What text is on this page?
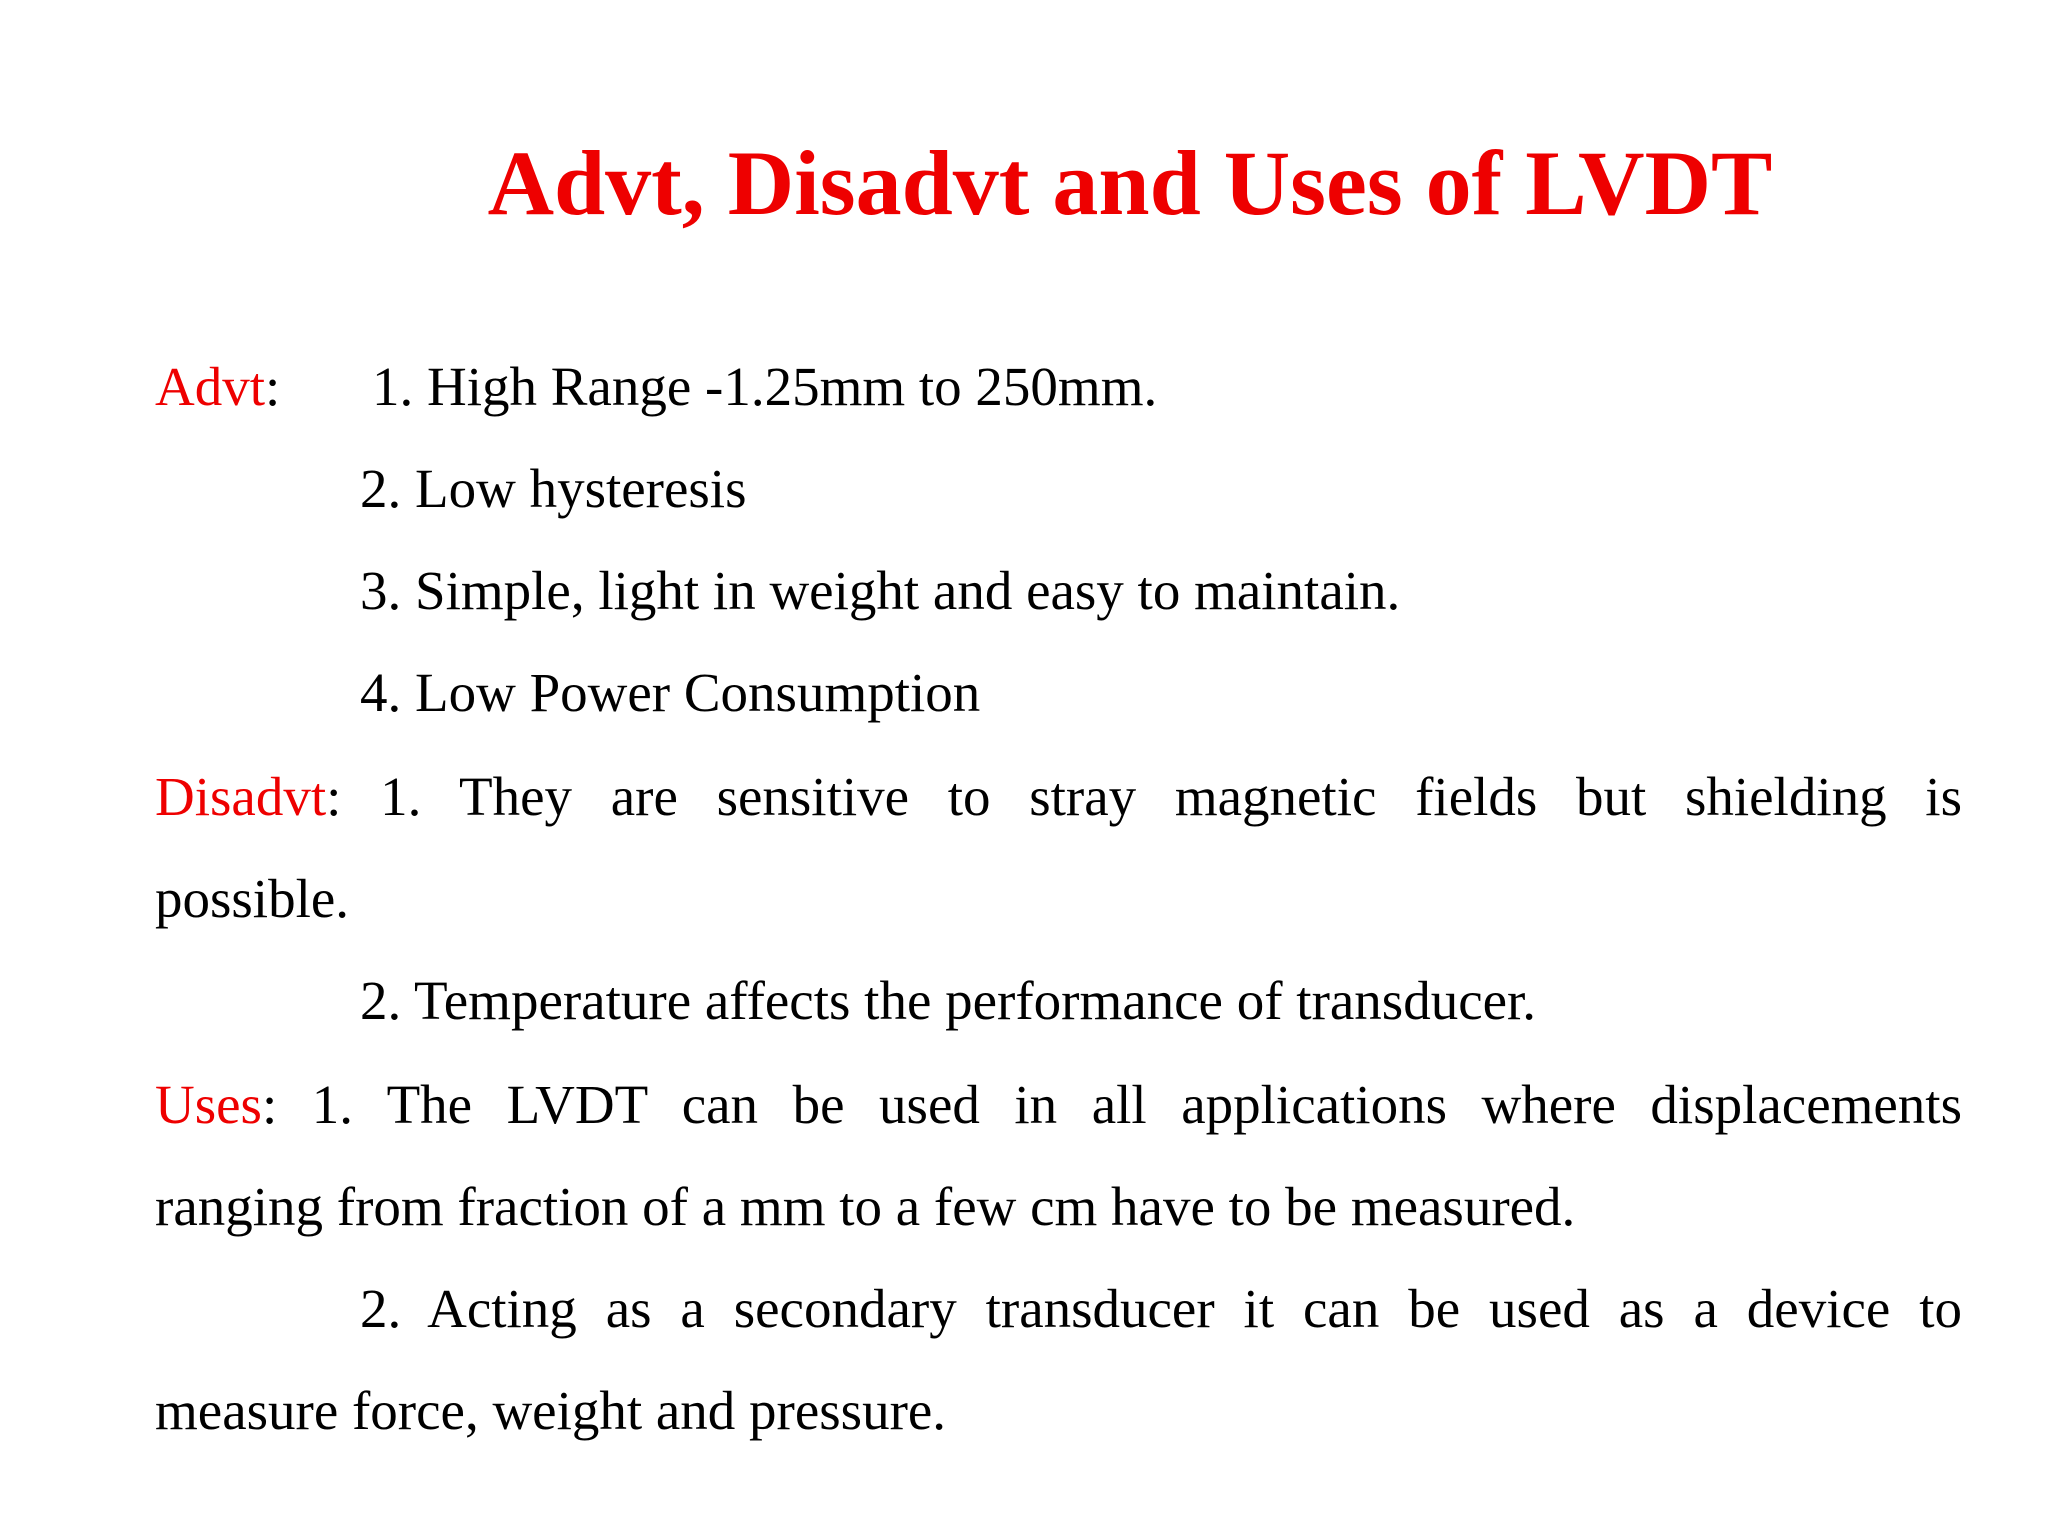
Advt, Disadvt and Uses of LVDT
Advt: 1. High Range -1.25mm to 250mm.
2. Low hysteresis
3. Simple, light in weight and easy to maintain.
4. Low Power Consumption
Disadvt: 1. They are sensitive to stray magnetic fields but shielding is
possible.
2. Temperature affects the performance of transducer.
Uses: 1. The LVDT can be used in all applications where displacements
ranging from fraction of a mm to a few cm have to be measured.
2. Acting as a secondary transducer it can be used as a device to
measure force, weight and pressure.
